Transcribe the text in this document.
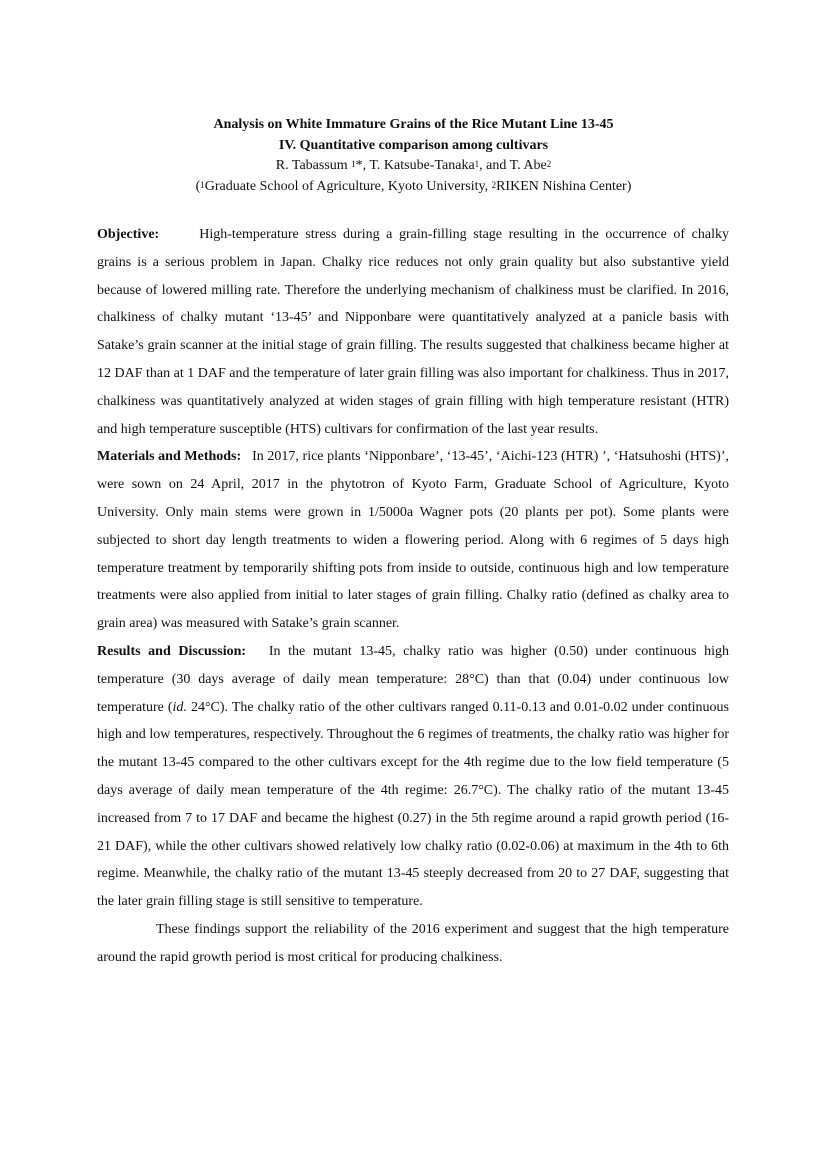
Analysis on White Immature Grains of the Rice Mutant Line 13-45
IV. Quantitative comparison among cultivars
R. Tabassum $^1$*, T. Katsube-Tanaka$^1$, and T. Abe$^2$
($^1$Graduate School of Agriculture, Kyoto University, $^2$RIKEN Nishina Center)

Objective:	High-temperature stress during a grain-filling stage resulting in the occurrence of chalky grains is a serious problem in Japan. Chalky rice reduces not only grain quality but also substantive yield because of lowered milling rate. Therefore the underlying mechanism of chalkiness must be clarified. In 2016, chalkiness of chalky mutant ‘13-45’ and Nipponbare were quantitatively analyzed at a panicle basis with Satake’s grain scanner at the initial stage of grain filling. The results suggested that chalkiness became higher at 12 DAF than at 1 DAF and the temperature of later grain filling was also important for chalkiness. Thus in 2017, chalkiness was quantitatively analyzed at widen stages of grain filling with high temperature resistant (HTR) and high temperature susceptible (HTS) cultivars for confirmation of the last year results.

Materials and Methods: In 2017, rice plants ‘Nipponbare’, ‘13-45’, ‘Aichi-123 (HTR) ’, ‘Hatsuhoshi (HTS)’, were sown on 24 April, 2017 in the phytotron of Kyoto Farm, Graduate School of Agriculture, Kyoto University. Only main stems were grown in 1/5000a Wagner pots (20 plants per pot). Some plants were subjected to short day length treatments to widen a flowering period. Along with 6 regimes of 5 days high temperature treatment by temporarily shifting pots from inside to outside, continuous high and low temperature treatments were also applied from initial to later stages of grain filling. Chalky ratio (defined as chalky area to grain area) was measured with Satake’s grain scanner.

Results and Discussion: In the mutant 13-45, chalky ratio was higher (0.50) under continuous high temperature (30 days average of daily mean temperature: 28°C) than that (0.04) under continuous low temperature (id. 24°C). The chalky ratio of the other cultivars ranged 0.11-0.13 and 0.01-0.02 under continuous high and low temperatures, respectively. Throughout the 6 regimes of treatments, the chalky ratio was higher for the mutant 13-45 compared to the other cultivars except for the 4th regime due to the low field temperature (5 days average of daily mean temperature of the 4th regime: 26.7°C). The chalky ratio of the mutant 13-45 increased from 7 to 17 DAF and became the highest (0.27) in the 5th regime around a rapid growth period (16-21 DAF), while the other cultivars showed relatively low chalky ratio (0.02-0.06) at maximum in the 4th to 6th regime. Meanwhile, the chalky ratio of the mutant 13-45 steeply decreased from 20 to 27 DAF, suggesting that the later grain filling stage is still sensitive to temperature.

These findings support the reliability of the 2016 experiment and suggest that the high temperature around the rapid growth period is most critical for producing chalkiness.
